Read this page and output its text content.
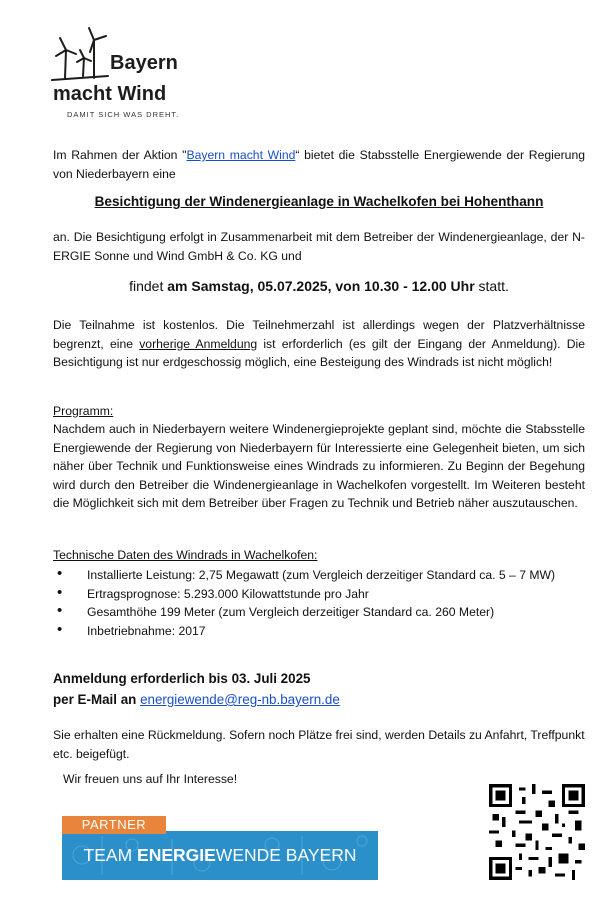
Bayern
macht Wind
DAMIT SICH WAS DREHT.
Im Rahmen der Aktion "Bayern macht Wind“ bietet die Stabsstelle Energiewende der Regierung von Niederbayern eine
Besichtigung der Windenergieanlage in Wachelkofen bei Hohenthann
an. Die Besichtigung erfolgt in Zusammenarbeit mit dem Betreiber der Windenergieanlage, der N-ERGIE Sonne und Wind GmbH & Co. KG und
findet am Samstag, 05.07.2025, von 10.30 - 12.00 Uhr statt.
Die Teilnahme ist kostenlos. Die Teilnehmerzahl ist allerdings wegen der Platzverhältnisse begrenzt, eine vorherige Anmeldung ist erforderlich (es gilt der Eingang der Anmeldung). Die Besichtigung ist nur erdgeschossig möglich, eine Besteigung des Windrads ist nicht möglich!
Programm:
Nachdem auch in Niederbayern weitere Windenergieprojekte geplant sind, möchte die Stabsstelle Energiewende der Regierung von Niederbayern für Interessierte eine Gelegenheit bieten, um sich näher über Technik und Funktionsweise eines Windrads zu informieren. Zu Beginn der Begehung wird durch den Betreiber die Windenergieanlage in Wachelkofen vorgestellt. Im Weiteren besteht die Möglichkeit sich mit dem Betreiber über Fragen zu Technik und Betrieb näher auszutauschen.
Technische Daten des Windrads in Wachelkofen:
• Installierte Leistung: 2,75 Megawatt (zum Vergleich derzeitiger Standard ca. 5 – 7 MW)
• Ertragsprognose: 5.293.000 Kilowattstunde pro Jahr
• Gesamthöhe 199 Meter (zum Vergleich derzeitiger Standard ca. 260 Meter)
• Inbetriebnahme: 2017
Anmeldung erforderlich bis 03. Juli 2025
per E-Mail an energiewende@reg-nb.bayern.de
Sie erhalten eine Rückmeldung. Sofern noch Plätze frei sind, werden Details zu Anfahrt, Treffpunkt etc. beigefügt.
Wir freuen uns auf Ihr Interesse!
TEAM ENERGIEWENDE BAYERN
PARTNER
